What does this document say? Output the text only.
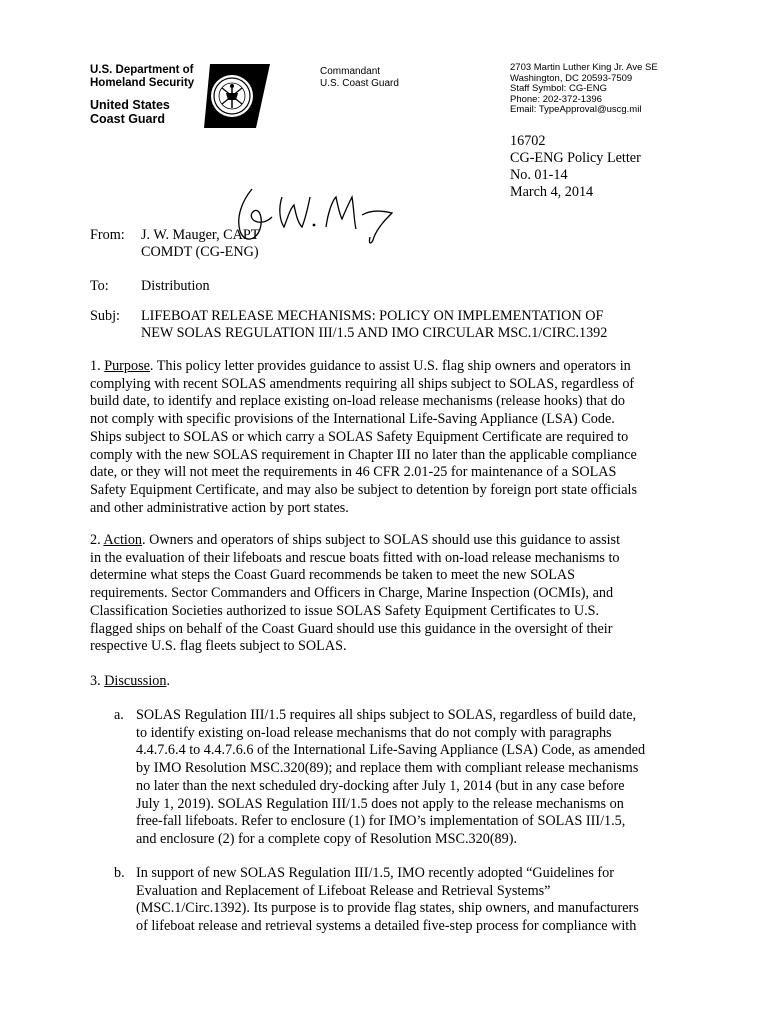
U.S. Department of
Homeland Security
United States
Coast Guard
Commandant
U.S. Coast Guard
2703 Martin Luther King Jr. Ave SE
Washington, DC 20593-7509
Staff Symbol: CG-ENG
Phone: 202-372-1396
Email: TypeApproval@uscg.mil
16702
CG-ENG Policy Letter
No. 01-14
March 4, 2014
From: J. W. Mauger, CAPT
COMDT (CG-ENG)
To: Distribution
Subj: LIFEBOAT RELEASE MECHANISMS: POLICY ON IMPLEMENTATION OF
NEW SOLAS REGULATION III/1.5 AND IMO CIRCULAR MSC.1/CIRC.1392
1. Purpose. This policy letter provides guidance to assist U.S. flag ship owners and operators in
complying with recent SOLAS amendments requiring all ships subject to SOLAS, regardless of
build date, to identify and replace existing on-load release mechanisms (release hooks) that do
not comply with specific provisions of the International Life-Saving Appliance (LSA) Code.
Ships subject to SOLAS or which carry a SOLAS Safety Equipment Certificate are required to
comply with the new SOLAS requirement in Chapter III no later than the applicable compliance
date, or they will not meet the requirements in 46 CFR 2.01-25 for maintenance of a SOLAS
Safety Equipment Certificate, and may also be subject to detention by foreign port state officials
and other administrative action by port states.
2. Action. Owners and operators of ships subject to SOLAS should use this guidance to assist
in the evaluation of their lifeboats and rescue boats fitted with on-load release mechanisms to
determine what steps the Coast Guard recommends be taken to meet the new SOLAS
requirements. Sector Commanders and Officers in Charge, Marine Inspection (OCMIs), and
Classification Societies authorized to issue SOLAS Safety Equipment Certificates to U.S.
flagged ships on behalf of the Coast Guard should use this guidance in the oversight of their
respective U.S. flag fleets subject to SOLAS.
3. Discussion.
a. SOLAS Regulation III/1.5 requires all ships subject to SOLAS, regardless of build date,
to identify existing on-load release mechanisms that do not comply with paragraphs
4.4.7.6.4 to 4.4.7.6.6 of the International Life-Saving Appliance (LSA) Code, as amended
by IMO Resolution MSC.320(89); and replace them with compliant release mechanisms
no later than the next scheduled dry-docking after July 1, 2014 (but in any case before
July 1, 2019). SOLAS Regulation III/1.5 does not apply to the release mechanisms on
free-fall lifeboats. Refer to enclosure (1) for IMO’s implementation of SOLAS III/1.5,
and enclosure (2) for a complete copy of Resolution MSC.320(89).
b. In support of new SOLAS Regulation III/1.5, IMO recently adopted “Guidelines for
Evaluation and Replacement of Lifeboat Release and Retrieval Systems”
(MSC.1/Circ.1392). Its purpose is to provide flag states, ship owners, and manufacturers
of lifeboat release and retrieval systems a detailed five-step process for compliance with
